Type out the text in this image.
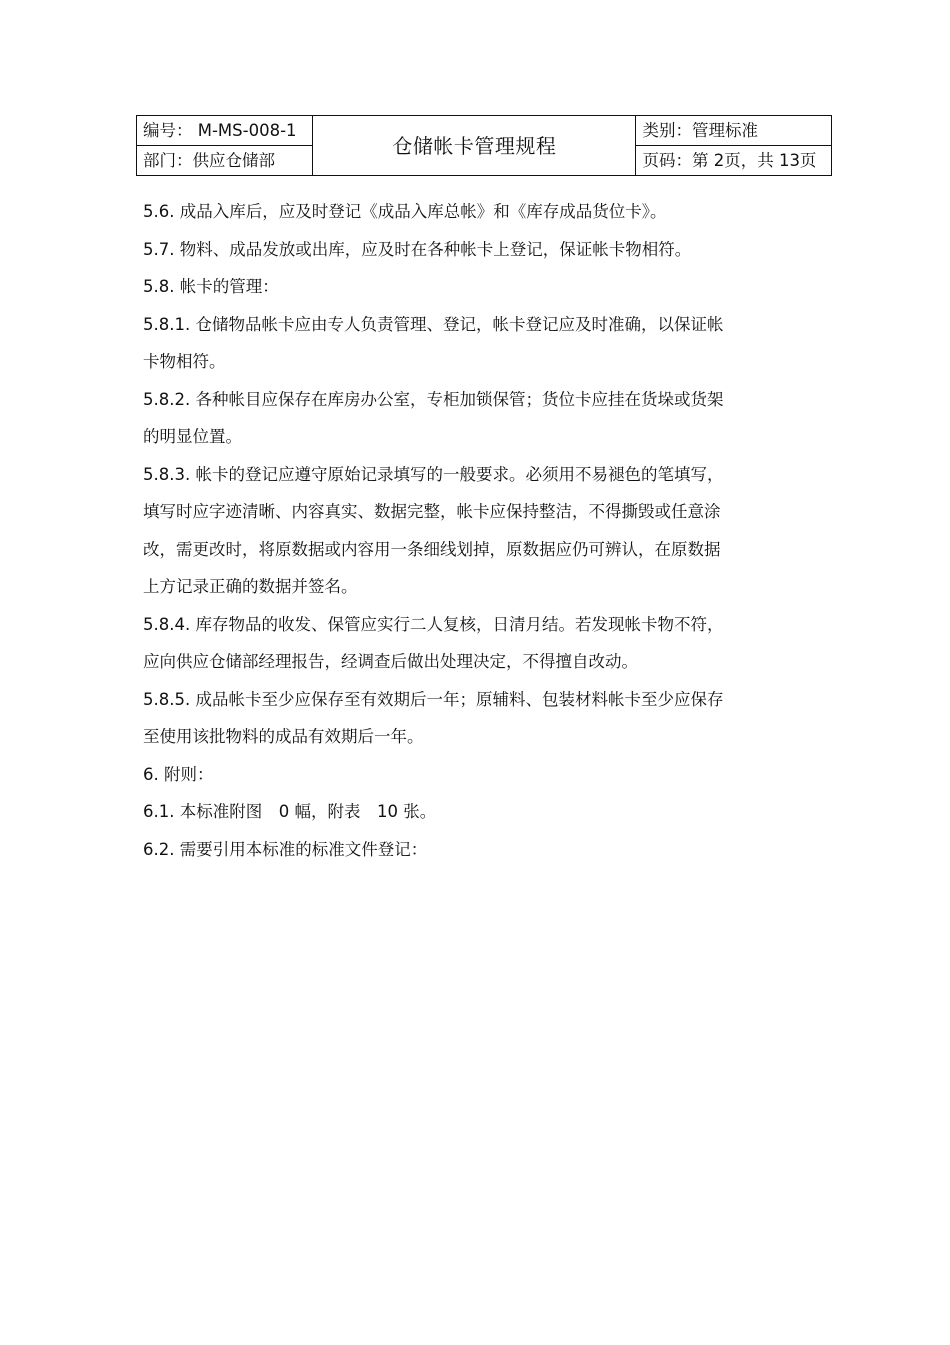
编号： M-MS-008-1	仓储帐卡管理规程	类别：管理标准
部门：供应仓储部		页码：第 2页，共 13页

5.6. 成品入库后，应及时登记《成品入库总帐》和《库存成品货位卡》。

5.7. 物料、成品发放或出库，应及时在各种帐卡上登记，保证帐卡物相符。

5.8. 帐卡的管理：

5.8.1. 仓储物品帐卡应由专人负责管理、登记，帐卡登记应及时准确，以保证帐
卡物相符。

5.8.2. 各种帐目应保存在库房办公室，专柜加锁保管；货位卡应挂在货垛或货架
的明显位置。

5.8.3. 帐卡的登记应遵守原始记录填写的一般要求。必须用不易褪色的笔填写，
填写时应字迹清晰、内容真实、数据完整，帐卡应保持整洁，不得撕毁或任意涂
改，需更改时，将原数据或内容用一条细线划掉，原数据应仍可辨认，在原数据
上方记录正确的数据并签名。

5.8.4. 库存物品的收发、保管应实行二人复核，日清月结。若发现帐卡物不符，
应向供应仓储部经理报告，经调查后做出处理决定，不得擅自改动。

5.8.5. 成品帐卡至少应保存至有效期后一年；原辅料、包装材料帐卡至少应保存
至使用该批物料的成品有效期后一年。

6. 附则：

6.1. 本标准附图　0 幅，附表　10 张。

6.2. 需要引用本标准的标准文件登记：
